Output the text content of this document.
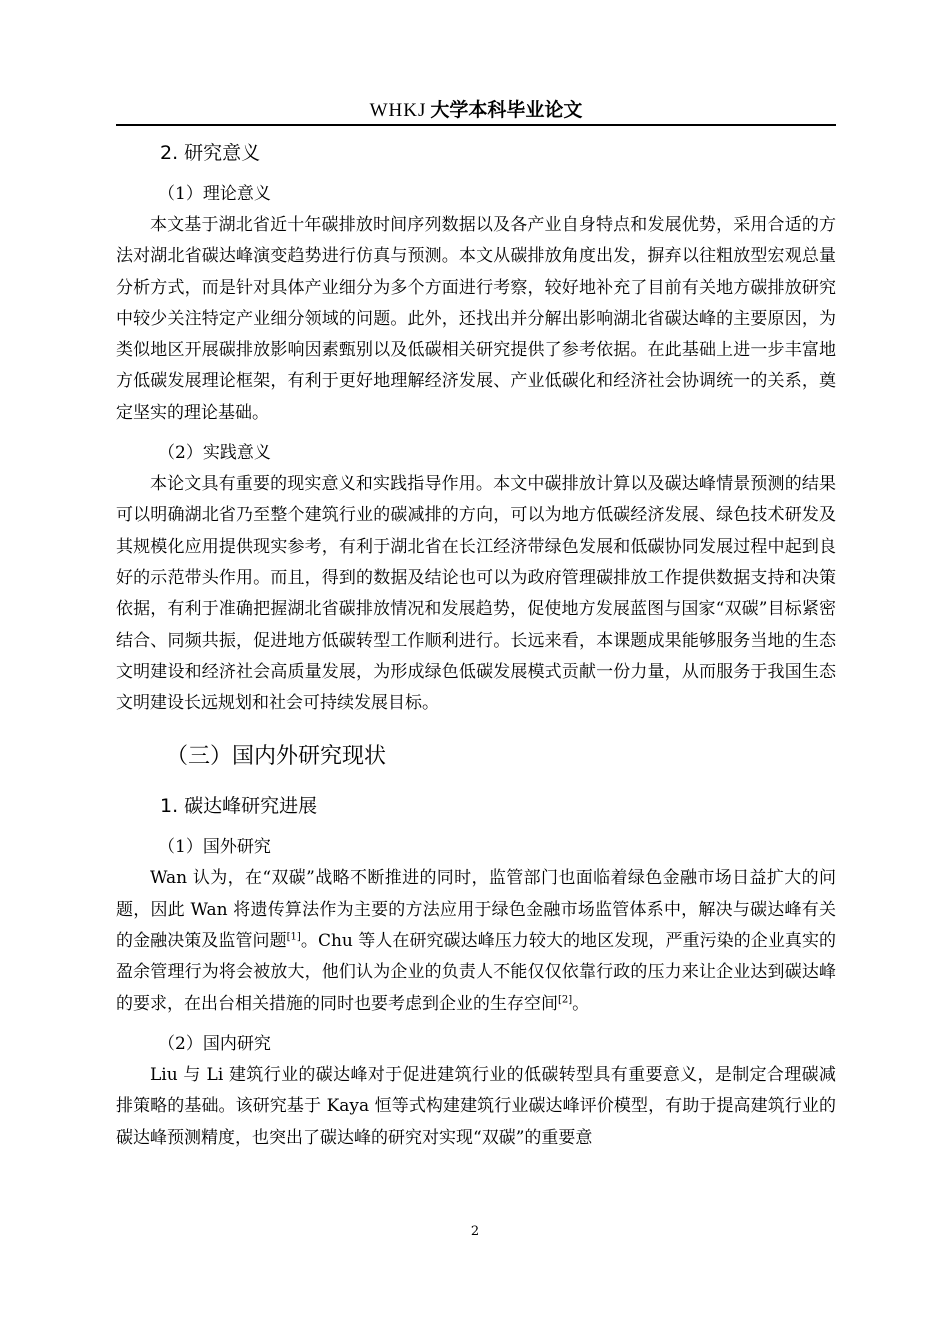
WHKJ 大学本科毕业论文
2. 研究意义
（1）理论意义

本文基于湖北省近十年碳排放时间序列数据以及各产业自身特点和发展优势，采用合适的方法对湖北省碳达峰演变趋势进行仿真与预测。本文从碳排放角度出发，摒弃以往粗放型宏观总量分析方式，而是针对具体产业细分为多个方面进行考察，较好地补充了目前有关地方碳排放研究中较少关注特定产业细分领域的问题。此外，还找出并分解出影响湖北省碳达峰的主要原因，为类似地区开展碳排放影响因素甄别以及低碳相关研究提供了参考依据。在此基础上进一步丰富地方低碳发展理论框架，有利于更好地理解经济发展、产业低碳化和经济社会协调统一的关系，奠定坚实的理论基础。

（2）实践意义

本论文具有重要的现实意义和实践指导作用。本文中碳排放计算以及碳达峰情景预测的结果可以明确湖北省乃至整个建筑行业的碳减排的方向，可以为地方低碳经济发展、绿色技术研发及其规模化应用提供现实参考，有利于湖北省在长江经济带绿色发展和低碳协同发展过程中起到良好的示范带头作用。而且，得到的数据及结论也可以为政府管理碳排放工作提供数据支持和决策依据，有利于准确把握湖北省碳排放情况和发展趋势，促使地方发展蓝图与国家“双碳”目标紧密结合、同频共振，促进地方低碳转型工作顺利进行。长远来看，本课题成果能够服务当地的生态文明建设和经济社会高质量发展，为形成绿色低碳发展模式贡献一份力量，从而服务于我国生态文明建设长远规划和社会可持续发展目标。

（三）国内外研究现状
1. 碳达峰研究进展
（1）国外研究

Wan 认为，在“双碳”战略不断推进的同时，监管部门也面临着绿色金融市场日益扩大的问题，因此 Wan 将遗传算法作为主要的方法应用于绿色金融市场监管体系中，解决与碳达峰有关的金融决策及监管问题[1]。Chu 等人在研究碳达峰压力较大的地区发现，严重污染的企业真实的盈余管理行为将会被放大，他们认为企业的负责人不能仅仅依靠行政的压力来让企业达到碳达峰的要求，在出台相关措施的同时也要考虑到企业的生存空间[2]。

（2）国内研究

Liu 与 Li 建筑行业的碳达峰对于促进建筑行业的低碳转型具有重要意义，是制定合理碳减排策略的基础。该研究基于 Kaya 恒等式构建建筑行业碳达峰评价模型，有助于提高建筑行业的碳达峰预测精度，也突出了碳达峰的研究对实现“双碳”的重要意

2
